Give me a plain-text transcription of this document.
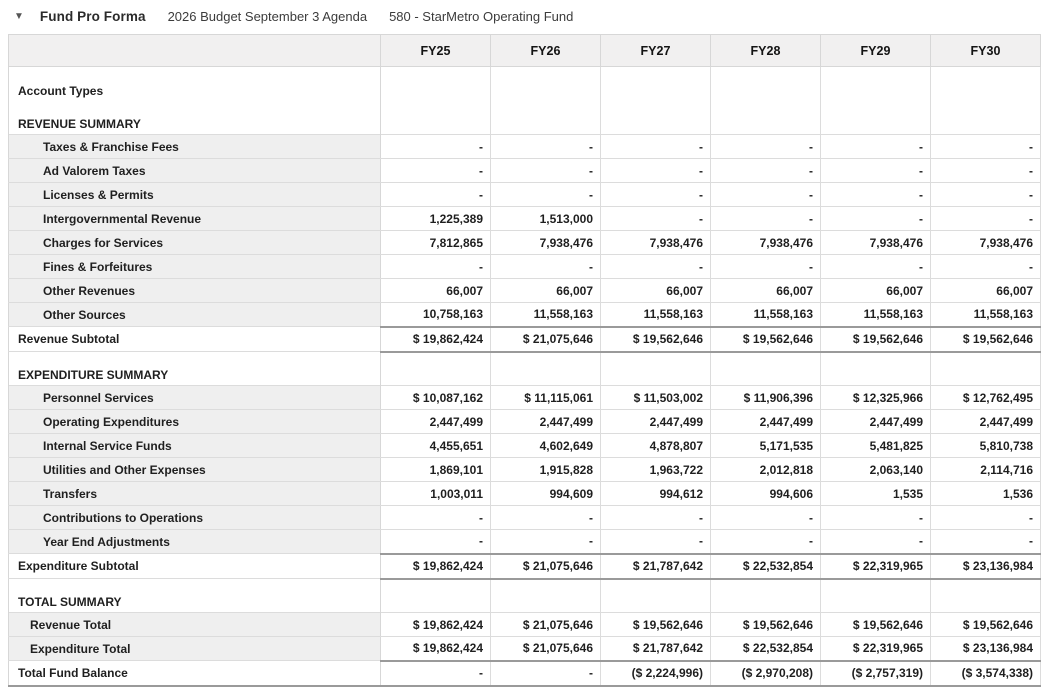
▼ Fund Pro Forma 2026 Budget September 3 Agenda 580 - StarMetro Operating Fund
	FY25	FY26	FY27	FY28	FY29	FY30

Account Types						

REVENUE SUMMARY						
Taxes & Franchise Fees	-	-	-	-	-	-
Ad Valorem Taxes	-	-	-	-	-	-
Licenses & Permits	-	-	-	-	-	-
Intergovernmental Revenue	1,225,389	1,513,000	-	-	-	-
Charges for Services	7,812,865	7,938,476	7,938,476	7,938,476	7,938,476	7,938,476
Fines & Forfeitures	-	-	-	-	-	-
Other Revenues	66,007	66,007	66,007	66,007	66,007	66,007
Other Sources	10,758,163	11,558,163	11,558,163	11,558,163	11,558,163	11,558,163
Revenue Subtotal	$ 19,862,424	$ 21,075,646	$ 19,562,646	$ 19,562,646	$ 19,562,646	$ 19,562,646

EXPENDITURE SUMMARY						
Personnel Services	$ 10,087,162	$ 11,115,061	$ 11,503,002	$ 11,906,396	$ 12,325,966	$ 12,762,495
Operating Expenditures	2,447,499	2,447,499	2,447,499	2,447,499	2,447,499	2,447,499
Internal Service Funds	4,455,651	4,602,649	4,878,807	5,171,535	5,481,825	5,810,738
Utilities and Other Expenses	1,869,101	1,915,828	1,963,722	2,012,818	2,063,140	2,114,716
Transfers	1,003,011	994,609	994,612	994,606	1,535	1,536
Contributions to Operations	-	-	-	-	-	-
Year End Adjustments	-	-	-	-	-	-
Expenditure Subtotal	$ 19,862,424	$ 21,075,646	$ 21,787,642	$ 22,532,854	$ 22,319,965	$ 23,136,984

TOTAL SUMMARY						
Revenue Total	$ 19,862,424	$ 21,075,646	$ 19,562,646	$ 19,562,646	$ 19,562,646	$ 19,562,646
Expenditure Total	$ 19,862,424	$ 21,075,646	$ 21,787,642	$ 22,532,854	$ 22,319,965	$ 23,136,984
Total Fund Balance	-	-	($ 2,224,996)	($ 2,970,208)	($ 2,757,319)	($ 3,574,338)
